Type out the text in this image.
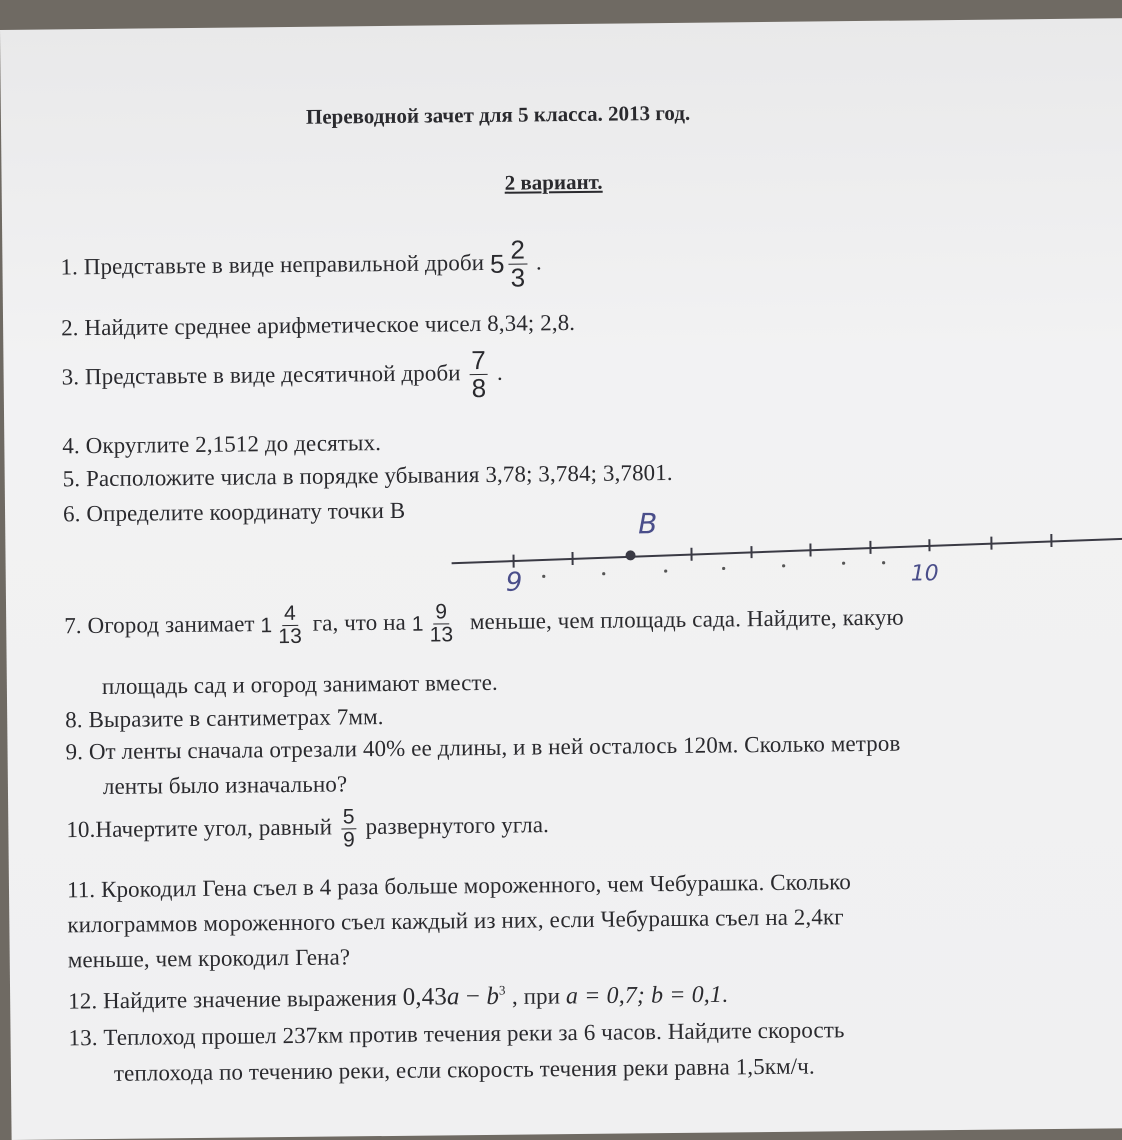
Переводной зачет для 5 класса. 2013 год.
2 вариант.
1. Представьте в виде неправильной дроби $5 \frac{2}{3}$ .
2. Найдите среднее арифметическое чисел 8,34; 2,8.
3. Представьте в виде десятичной дроби $\frac{7}{8}$ .
4. Округлите 2,1512 до десятых.
5. Расположите числа в порядке убывания 3,78; 3,784; 3,7801.
6. Определите координату точки В	B
9	10
7. Огород занимает $1 \frac{4}{13}$ га, что на $1 \frac{9}{13}$ меньше, чем площадь сада. Найдите, какую
площадь сад и огород занимают вместе.
8. Выразите в сантиметрах 7мм.
9. От ленты сначала отрезали 40% ее длины, и в ней осталось 120м. Сколько метров
ленты было изначально?
10.Начертите угол, равный $\frac{5}{9}$ развернутого угла.
11. Крокодил Гена съел в 4 раза больше мороженного, чем Чебурашка. Сколько
килограммов мороженного съел каждый из них, если Чебурашка съел на 2,4кг
меньше, чем крокодил Гена?
12. Найдите значение выражения $0,43a - b^3$ , при a = 0,7; b = 0,1.
13. Теплоход прошел 237км против течения реки за 6 часов. Найдите скорость
теплохода по течению реки, если скорость течения реки равна 1,5км/ч.
